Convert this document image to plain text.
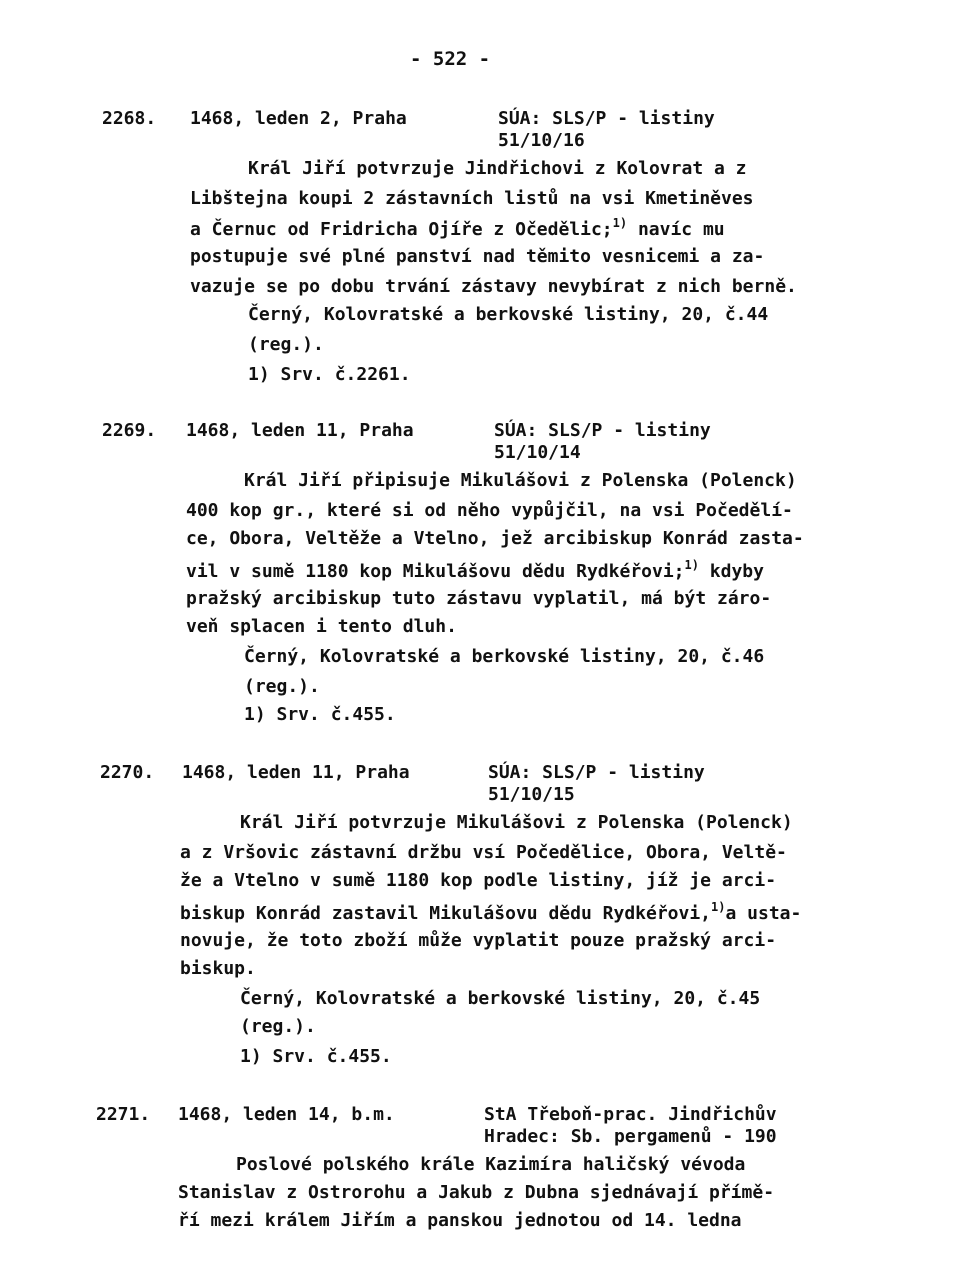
- 522 -
2268. 1468, leden 2, Praha	SÚA: SLS/P - listiny
51/10/16
Král Jiří potvrzuje Jindřichovi z Kolovrat a z
Libštejna koupi 2 zástavních listů na vsi Kmetiněves
a Černuc od Fridricha Ojíře z Očedělic;$^{1)}$ navíc mu
postupuje své plné panství nad těmito vesnicemi a za-
vazuje se po dobu trvání zástavy nevybírat z nich berně.
Černý, Kolovratské a berkovské listiny, 20, č.44
(reg.).
1) Srv. č.2261.
2269. 1468, leden 11, Praha	SÚA: SLS/P - listiny
51/10/14
Král Jiří připisuje Mikulášovi z Polenska (Polenck)
400 kop gr., které si od něho vypůjčil, na vsi Počedělí-
ce, Obora, Veltěže a Vtelno, jež arcibiskup Konrád zasta-
vil v sumě 1180 kop Mikulášovu dědu Rydkéřovi;$^{1)}$ kdyby
pražský arcibiskup tuto zástavu vyplatil, má být záro-
veň splacen i tento dluh.
Černý, Kolovratské a berkovské listiny, 20, č.46
(reg.).
1) Srv. č.455.
2270. 1468, leden 11, Praha	SÚA: SLS/P - listiny
51/10/15
Král Jiří potvrzuje Mikulášovi z Polenska (Polenck)
a z Vršovic zástavní držbu vsí Počedělice, Obora, Veltě-
že a Vtelno v sumě 1180 kop podle listiny, jíž je arci-
biskup Konrád zastavil Mikulášovu dědu Rydkéřovi,$^{1)}$a usta-
novuje, že toto zboží může vyplatit pouze pražský arci-
biskup.
Černý, Kolovratské a berkovské listiny, 20, č.45
(reg.).
1) Srv. č.455.
2271. 1468, leden 14, b.m.	StA Třeboň-prac. Jindřichův
Hradec: Sb. pergamenů - 190
Poslové polského krále Kazimíra haličský vévoda
Stanislav z Ostrorohu a Jakub z Dubna sjednávají přímě-
ří mezi králem Jiřím a panskou jednotou od 14. ledna
